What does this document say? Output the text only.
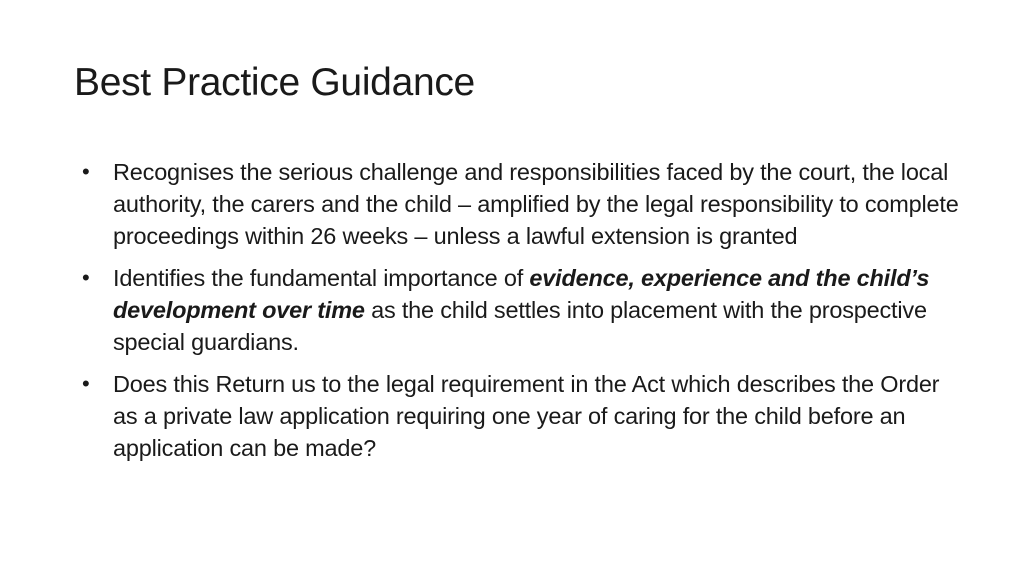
Best Practice Guidance
• Recognises the serious challenge and responsibilities faced by the court, the local authority, the carers and the child – amplified by the legal responsibility to complete proceedings within 26 weeks – unless a lawful extension is granted
• Identifies the fundamental importance of evidence, experience and the child’s development over time as the child settles into placement with the prospective special guardians.
• Does this Return us to the legal requirement in the Act which describes the Order as a private law application requiring one year of caring for the child before an application can be made?
